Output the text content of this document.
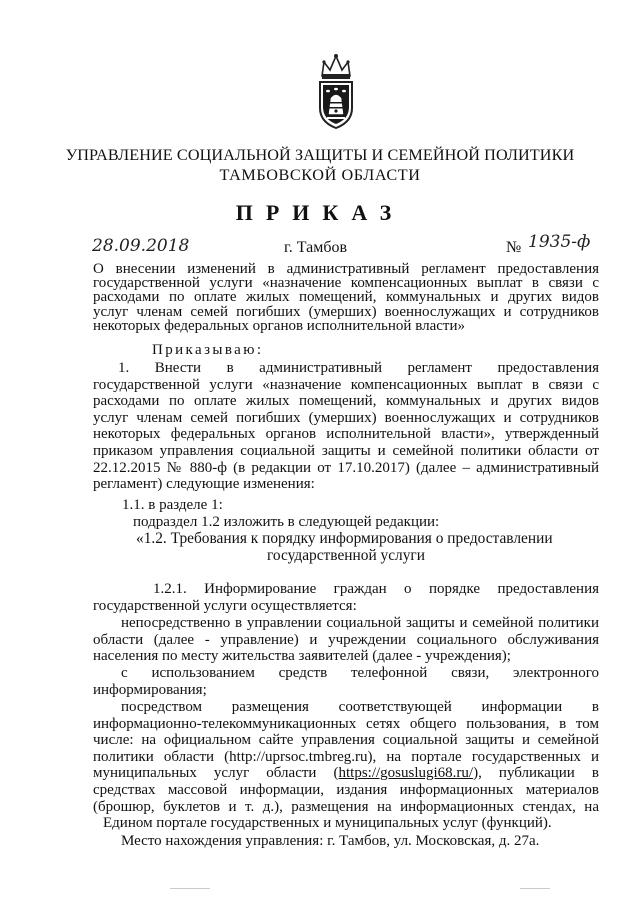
УПРАВЛЕНИЕ СОЦИАЛЬНОЙ ЗАЩИТЫ И СЕМЕЙНОЙ ПОЛИТИКИ
ТАМБОВСКОЙ ОБЛАСТИ
ПРИКАЗ
28.09.2018	г. Тамбов	№ 1935-ф
О внесении изменений в административный регламент предоставления
государственной услуги «назначение компенсационных выплат в связи с
расходами по оплате жилых помещений, коммунальных и других видов
услуг членам семей погибших (умерших) военнослужащих и сотрудников
некоторых федеральных органов исполнительной власти»
Приказываю:
1. Внести в административный регламент предоставления
государственной услуги «назначение компенсационных выплат в связи с
расходами по оплате жилых помещений, коммунальных и других видов
услуг членам семей погибших (умерших) военнослужащих и сотрудников
некоторых федеральных органов исполнительной власти», утвержденный
приказом управления социальной защиты и семейной политики области от
22.12.2015 № 880-ф (в редакции от 17.10.2017) (далее – административный
регламент) следующие изменения:
1.1. в разделе 1:
подраздел 1.2 изложить в следующей редакции:
«1.2. Требования к порядку информирования о предоставлении
государственной услуги
1.2.1. Информирование граждан о порядке предоставления
государственной услуги осуществляется:
непосредственно в управлении социальной защиты и семейной политики
области (далее - управление) и учреждении социального обслуживания
населения по месту жительства заявителей (далее - учреждения);
с использованием средств телефонной связи, электронного
информирования;
посредством размещения соответствующей информации в
информационно-телекоммуникационных сетях общего пользования, в том
числе: на официальном сайте управления социальной защиты и семейной
политики области (http://uprsoc.tmbreg.ru), на портале государственных и
муниципальных услуг области (https://gosuslugi68.ru/), публикации в
средствах массовой информации, издания информационных материалов
(брошюр, буклетов и т. д.), размещения на информационных стендах, на
Едином портале государственных и муниципальных услуг (функций).
Место нахождения управления: г. Тамбов, ул. Московская, д. 27а.
